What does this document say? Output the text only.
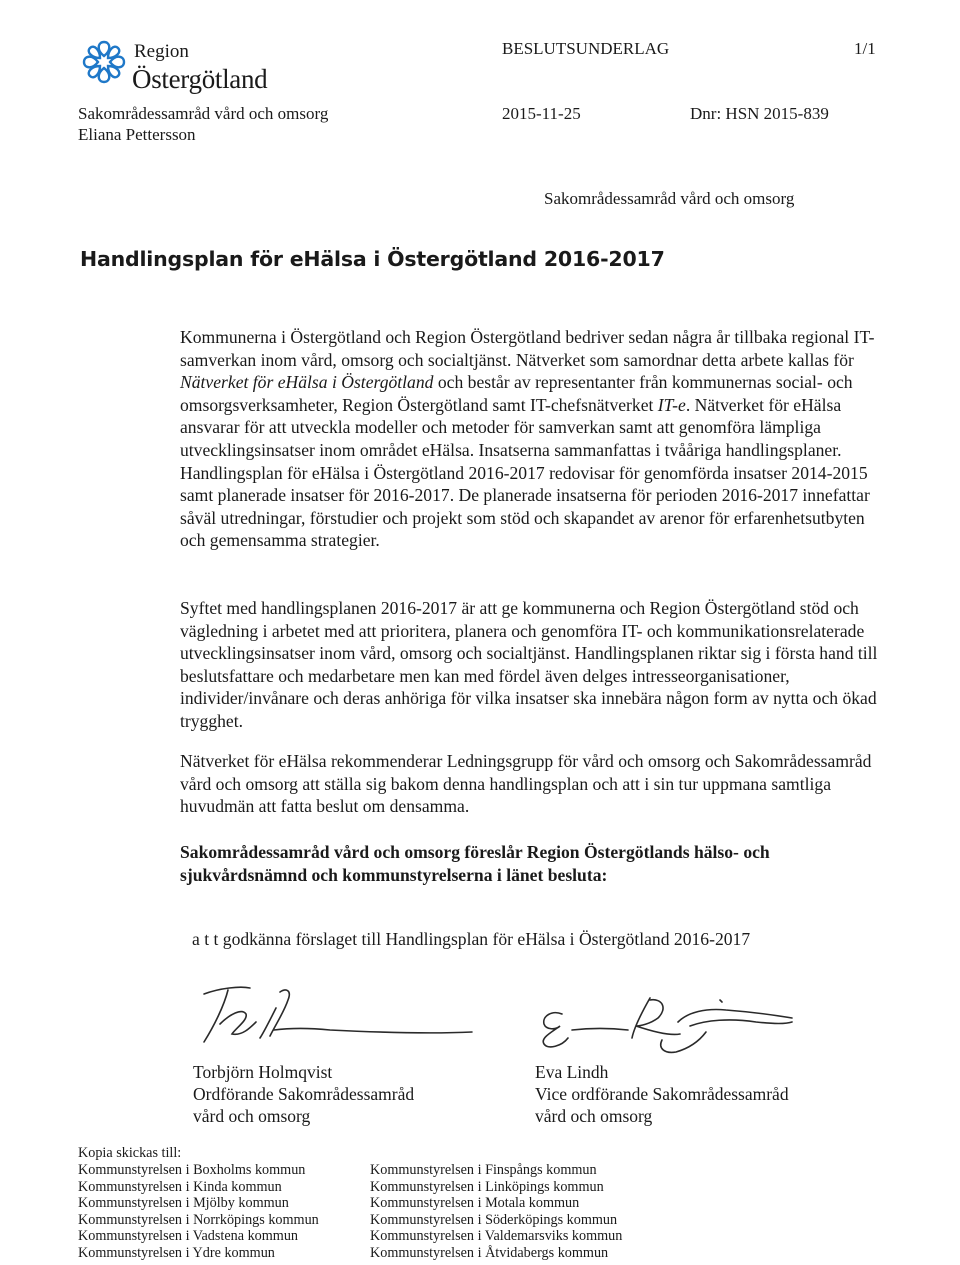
Region
Östergötland
BESLUTSUNDERLAG	1/1
Sakområdessamråd vård och omsorg
Eliana Pettersson
2015-11-25	Dnr: HSN 2015-839
Sakområdessamråd vård och omsorg
Handlingsplan för eHälsa i Östergötland 2016-2017

Kommunerna i Östergötland och Region Östergötland bedriver sedan några år tillbaka regional IT-samverkan inom vård, omsorg och socialtjänst. Nätverket som samordnar detta arbete kallas för Nätverket för eHälsa i Östergötland och består av representanter från kommunernas social- och omsorgsverksamheter, Region Östergötland samt IT-chefsnätverket IT-e. Nätverket för eHälsa ansvarar för att utveckla modeller och metoder för samverkan samt att genomföra lämpliga utvecklingsinsatser inom området eHälsa. Insatserna sammanfattas i tvååriga handlingsplaner. Handlingsplan för eHälsa i Östergötland 2016-2017 redovisar för genomförda insatser 2014-2015 samt planerade insatser för 2016-2017. De planerade insatserna för perioden 2016-2017 innefattar såväl utredningar, förstudier och projekt som stöd och skapandet av arenor för erfarenhetsutbyten och gemensamma strategier.

Syftet med handlingsplanen 2016-2017 är att ge kommunerna och Region Östergötland stöd och vägledning i arbetet med att prioritera, planera och genomföra IT- och kommunikationsrelaterade utvecklingsinsatser inom vård, omsorg och socialtjänst. Handlingsplanen riktar sig i första hand till beslutsfattare och medarbetare men kan med fördel även delges intresseorganisationer, individer/invånare och deras anhöriga för vilka insatser ska innebära någon form av nytta och ökad trygghet.

Nätverket för eHälsa rekommenderar Ledningsgrupp för vård och omsorg och Sakområdessamråd vård och omsorg att ställa sig bakom denna handlingsplan och att i sin tur uppmana samtliga huvudmän att fatta beslut om densamma.

Sakområdessamråd vård och omsorg föreslår Region Östergötlands hälso- och sjukvårdsnämnd och kommunstyrelserna i länet besluta:

a t t godkänna förslaget till Handlingsplan för eHälsa i Östergötland 2016-2017

Torbjörn Holmqvist
Ordförande Sakområdessamråd
vård och omsorg
Eva Lindh
Vice ordförande Sakområdessamråd
vård och omsorg
Kopia skickas till:
Kommunstyrelsen i Boxholms kommun
Kommunstyrelsen i Kinda kommun
Kommunstyrelsen i Mjölby kommun
Kommunstyrelsen i Norrköpings kommun
Kommunstyrelsen i Vadstena kommun
Kommunstyrelsen i Ydre kommun
Kommunstyrelsen i Finspångs kommun
Kommunstyrelsen i Linköpings kommun
Kommunstyrelsen i Motala kommun
Kommunstyrelsen i Söderköpings kommun
Kommunstyrelsen i Valdemarsviks kommun
Kommunstyrelsen i Åtvidabergs kommun
